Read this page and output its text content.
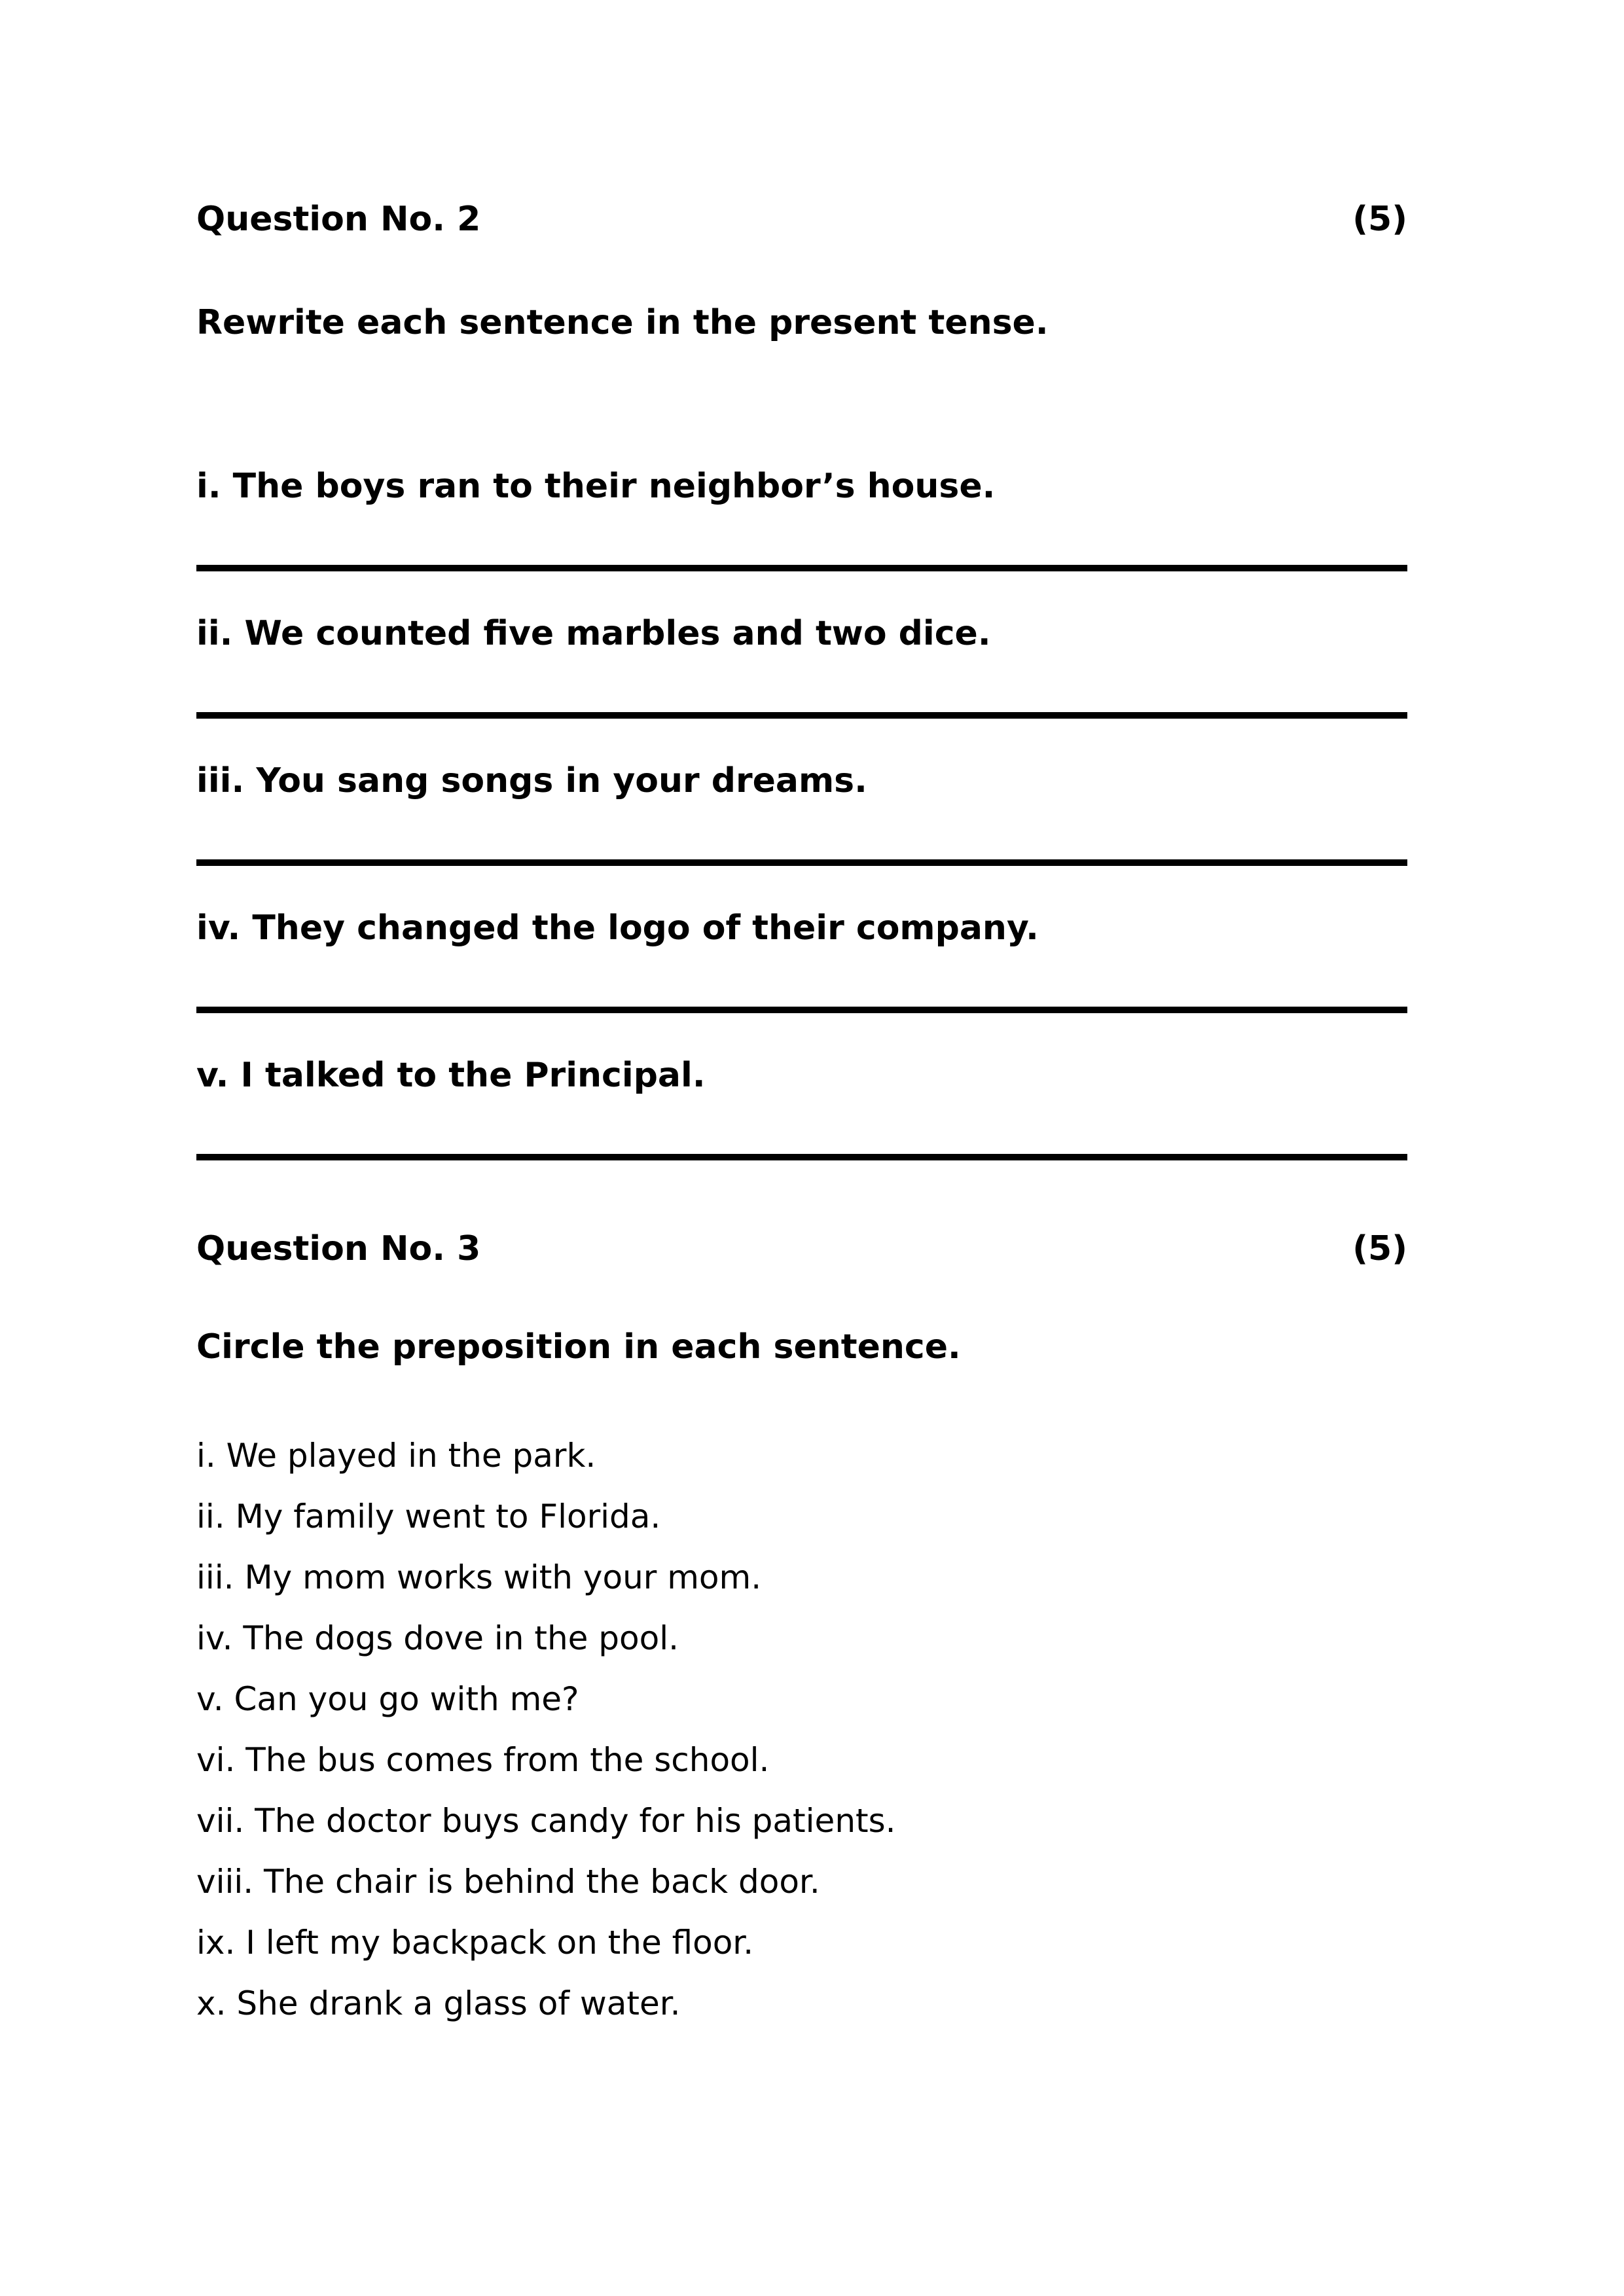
Question No. 2	(5)
Rewrite each sentence in the present tense.
i. The boys ran to their neighbor’s house.
ii. We counted five marbles and two dice.
iii. You sang songs in your dreams.
iv. They changed the logo of their company.
v. I talked to the Principal.
Question No. 3	(5)
Circle the preposition in each sentence.
i. We played in the park.
ii. My family went to Florida.
iii. My mom works with your mom.
iv. The dogs dove in the pool.
v. Can you go with me?
vi. The bus comes from the school.
vii. The doctor buys candy for his patients.
viii. The chair is behind the back door.
ix. I left my backpack on the floor.
x. She drank a glass of water.
